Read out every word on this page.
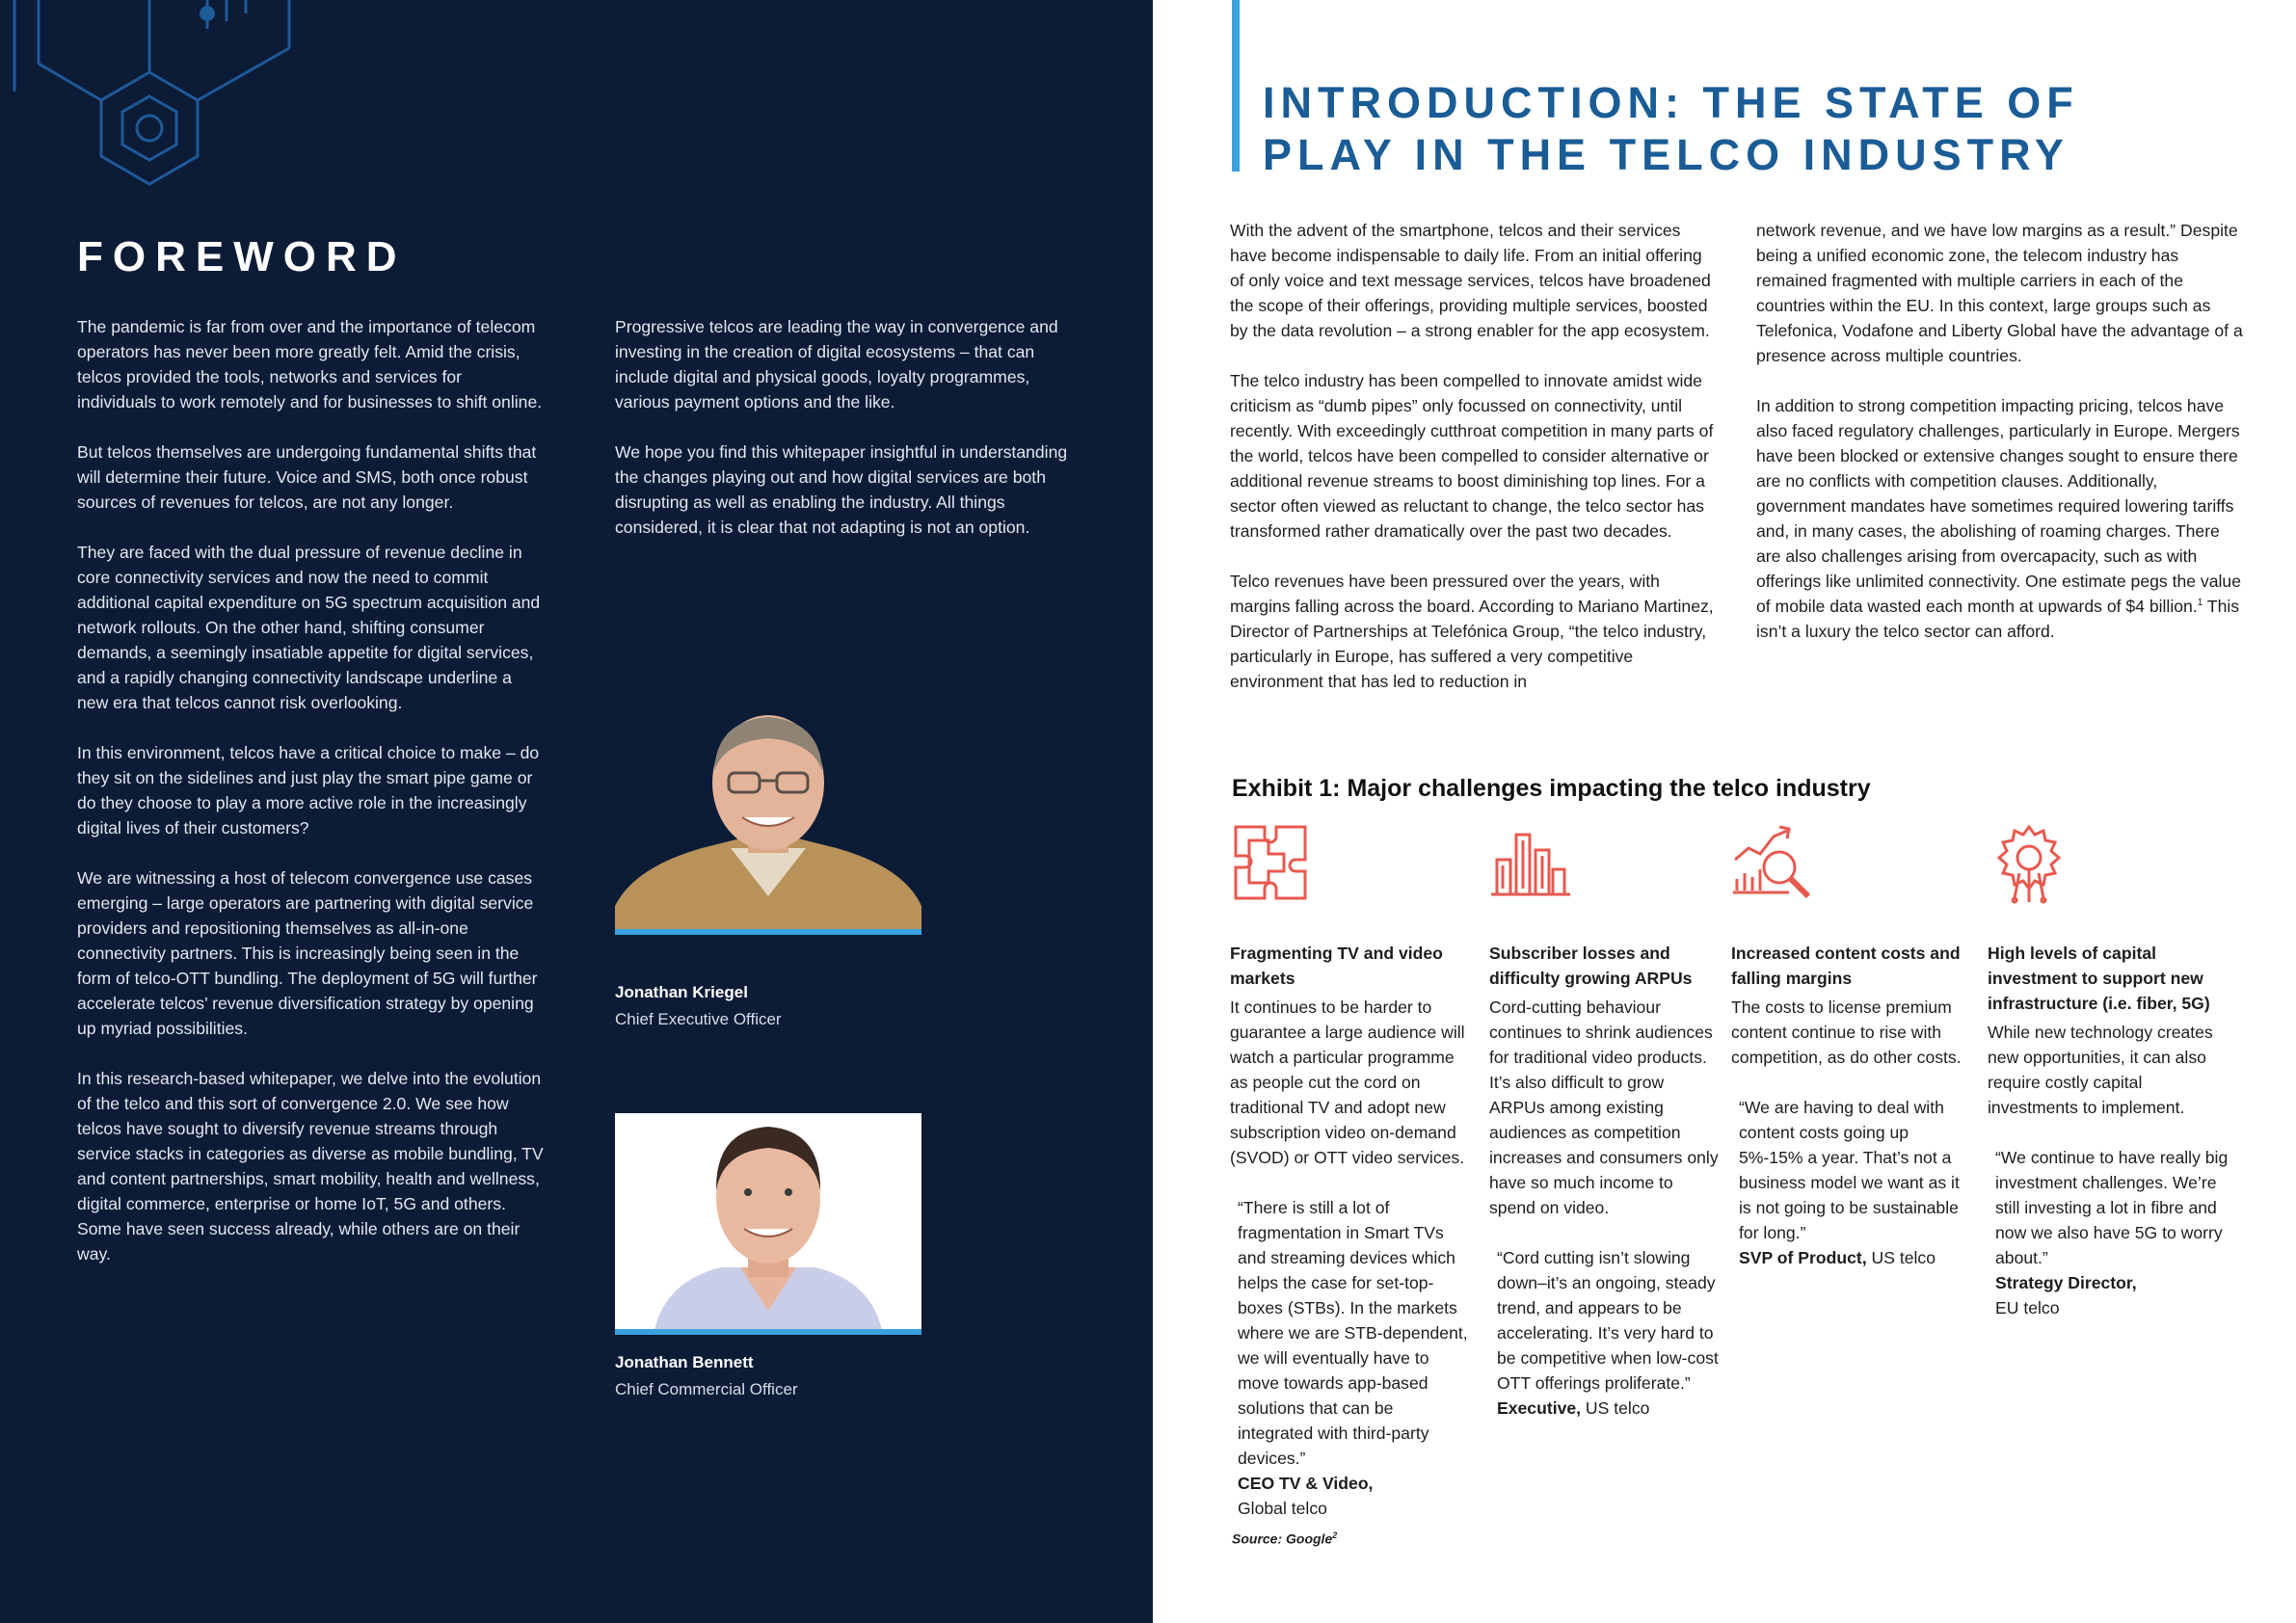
FOREWORD

The pandemic is far from over and the importance of telecom operators has never been more greatly felt. Amid the crisis, telcos provided the tools, networks and services for individuals to work remotely and for businesses to shift online.

But telcos themselves are undergoing fundamental shifts that will determine their future. Voice and SMS, both once robust sources of revenues for telcos, are not any longer.

They are faced with the dual pressure of revenue decline in core connectivity services and now the need to commit additional capital expenditure on 5G spectrum acquisition and network rollouts. On the other hand, shifting consumer demands, a seemingly insatiable appetite for digital services, and a rapidly changing connectivity landscape underline a new era that telcos cannot risk overlooking.

In this environment, telcos have a critical choice to make – do they sit on the sidelines and just play the smart pipe game or do they choose to play a more active role in the increasingly digital lives of their customers?

We are witnessing a host of telecom convergence use cases emerging – large operators are partnering with digital service providers and repositioning themselves as all-in-one connectivity partners. This is increasingly being seen in the form of telco-OTT bundling. The deployment of 5G will further accelerate telcos’ revenue diversification strategy by opening up myriad possibilities.

In this research-based whitepaper, we delve into the evolution of the telco and this sort of convergence 2.0. We see how telcos have sought to diversify revenue streams through service stacks in categories as diverse as mobile bundling, TV and content partnerships, smart mobility, health and wellness, digital commerce, enterprise or home IoT, 5G and others. Some have seen success already, while others are on their way.

Progressive telcos are leading the way in convergence and investing in the creation of digital ecosystems – that can include digital and physical goods, loyalty programmes, various payment options and the like.

We hope you find this whitepaper insightful in understanding the changes playing out and how digital services are both disrupting as well as enabling the industry. All things considered, it is clear that not adapting is not an option.

Jonathan Kriegel
Chief Executive Officer
Jonathan Bennett
Chief Commercial Officer
INTRODUCTION: THE STATE OF
PLAY IN THE TELCO INDUSTRY

With the advent of the smartphone, telcos and their services have become indispensable to daily life. From an initial offering of only voice and text message services, telcos have broadened the scope of their offerings, providing multiple services, boosted by the data revolution – a strong enabler for the app ecosystem.

The telco industry has been compelled to innovate amidst wide criticism as “dumb pipes” only focussed on connectivity, until recently. With exceedingly cutthroat competition in many parts of the world, telcos have been compelled to consider alternative or additional revenue streams to boost diminishing top lines. For a sector often viewed as reluctant to change, the telco sector has transformed rather dramatically over the past two decades.

Telco revenues have been pressured over the years, with margins falling across the board. According to Mariano Martinez, Director of Partnerships at Telefónica Group, “the telco industry, particularly in Europe, has suffered a very competitive environment that has led to reduction in

network revenue, and we have low margins as a result.” Despite being a unified economic zone, the telecom industry has remained fragmented with multiple carriers in each of the countries within the EU. In this context, large groups such as Telefonica, Vodafone and Liberty Global have the advantage of a presence across multiple countries.

In addition to strong competition impacting pricing, telcos have also faced regulatory challenges, particularly in Europe. Mergers have been blocked or extensive changes sought to ensure there are no conflicts with competition clauses. Additionally, government mandates have sometimes required lowering tariffs and, in many cases, the abolishing of roaming charges. There are also challenges arising from overcapacity, such as with offerings like unlimited connectivity. One estimate pegs the value of mobile data wasted each month at upwards of $4 billion.$^1$ This isn’t a luxury the telco sector can afford.

Exhibit 1: Major challenges impacting the telco industry
Fragmenting TV and video markets
It continues to be harder to guarantee a large audience will watch a particular programme as people cut the cord on traditional TV and adopt new subscription video on-demand (SVOD) or OTT video services.
“There is still a lot of fragmentation in Smart TVs and streaming devices which helps the case for set-top-boxes (STBs). In the markets where we are STB-dependent, we will eventually have to move towards app-based solutions that can be integrated with third-party devices.”
CEO TV & Video,
Global telco
Subscriber losses and difficulty growing ARPUs
Cord-cutting behaviour continues to shrink audiences for traditional video products. It’s also difficult to grow ARPUs among existing audiences as competition increases and consumers only have so much income to spend on video.
“Cord cutting isn’t slowing down–it’s an ongoing, steady trend, and appears to be accelerating. It’s very hard to be competitive when low-cost OTT offerings proliferate.”
Executive, US telco
Increased content costs and falling margins
The costs to license premium content continue to rise with competition, as do other costs.
“We are having to deal with content costs going up 5%-15% a year. That’s not a business model we want as it is not going to be sustainable for long.”
SVP of Product, US telco
High levels of capital investment to support new infrastructure (i.e. fiber, 5G)
While new technology creates new opportunities, it can also require costly capital investments to implement.
“We continue to have really big investment challenges. We’re still investing a lot in fibre and now we also have 5G to worry about.”
Strategy Director,
EU telco
Source: Google$^2$
